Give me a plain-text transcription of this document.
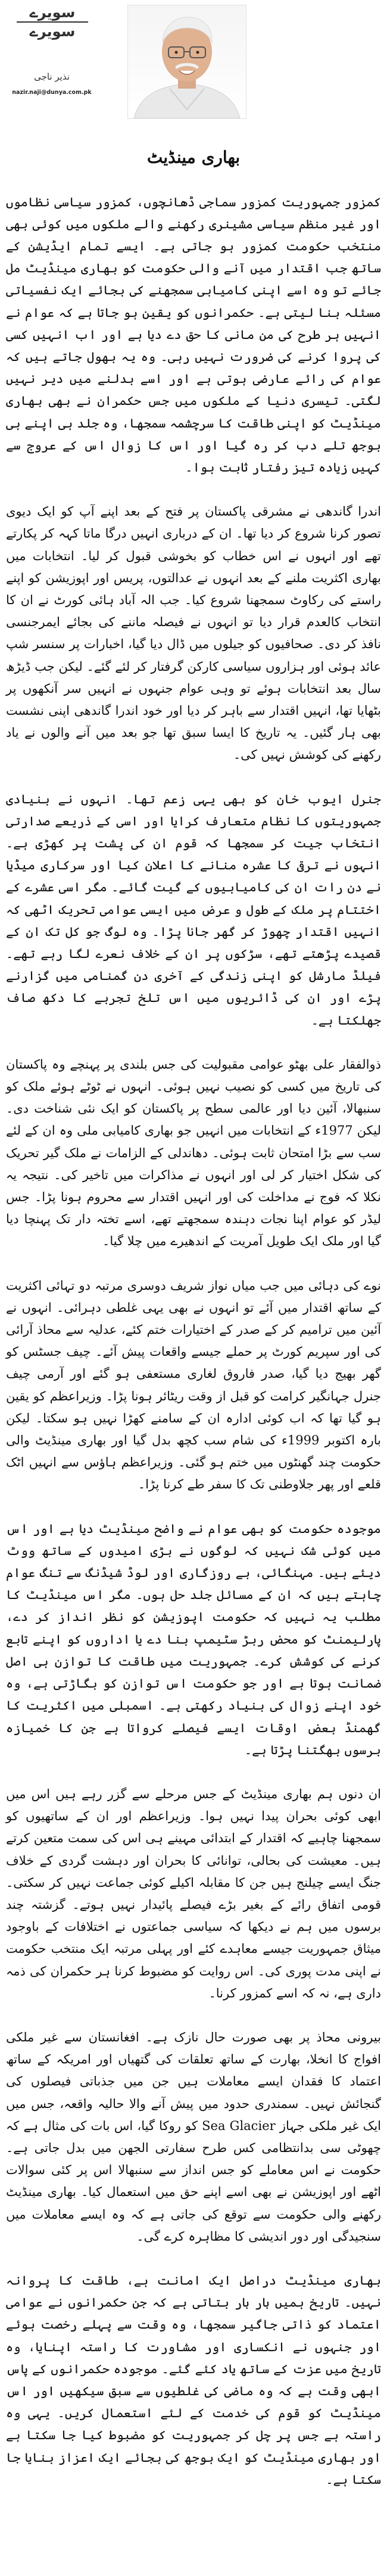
سویرے
سویرے
نذیر ناجی
nazir.naji@dunya.com.pk
بھاری مینڈیٹ

کمزور جمہوریت کمزور سماجی ڈھانچوں، کمزور سیاسی نظاموں اور غیر منظم سیاسی مشینری رکھنے والے ملکوں میں کوئی بھی منتخب حکومت کمزور ہو جاتی ہے۔ ایسے تمام ایڈیشن کے ساتھ جب اقتدار میں آنے والی حکومت کو بھاری مینڈیٹ مل جائے تو وہ اسے اپنی کامیابی سمجھنے کی بجائے ایک نفسیاتی مسئلہ بنا لیتی ہے۔ حکمرانوں کو یقین ہو جاتا ہے کہ عوام نے انہیں ہر طرح کی من مانی کا حق دے دیا ہے اور اب انہیں کسی کی پروا کرنے کی ضرورت نہیں رہی۔ وہ یہ بھول جاتے ہیں کہ عوام کی رائے عارضی ہوتی ہے اور اسے بدلنے میں دیر نہیں لگتی۔ تیسری دنیا کے ملکوں میں جس حکمران نے بھی بھاری مینڈیٹ کو اپنی طاقت کا سرچشمہ سمجھا، وہ جلد ہی اپنے ہی بوجھ تلے دب کر رہ گیا اور اس کا زوال اس کے عروج سے کہیں زیادہ تیز رفتار ثابت ہوا۔

اندرا گاندھی نے مشرقی پاکستان پر فتح کے بعد اپنے آپ کو ایک دیوی تصور کرنا شروع کر دیا تھا۔ ان کے درباری انہیں درگا ماتا کہہ کر پکارتے تھے اور انہوں نے اس خطاب کو بخوشی قبول کر لیا۔ انتخابات میں بھاری اکثریت ملنے کے بعد انہوں نے عدالتوں، پریس اور اپوزیشن کو اپنے راستے کی رکاوٹ سمجھنا شروع کیا۔ جب الہ آباد ہائی کورٹ نے ان کا انتخاب کالعدم قرار دیا تو انہوں نے فیصلہ ماننے کی بجائے ایمرجنسی نافذ کر دی۔ صحافیوں کو جیلوں میں ڈال دیا گیا، اخبارات پر سنسر شپ عائد ہوئی اور ہزاروں سیاسی کارکن گرفتار کر لئے گئے۔ لیکن جب ڈیڑھ سال بعد انتخابات ہوئے تو وہی عوام جنہوں نے انہیں سر آنکھوں پر بٹھایا تھا، انہیں اقتدار سے باہر کر دیا اور خود اندرا گاندھی اپنی نشست بھی ہار گئیں۔ یہ تاریخ کا ایسا سبق تھا جو بعد میں آنے والوں نے یاد رکھنے کی کوشش نہیں کی۔

جنرل ایوب خان کو بھی یہی زعم تھا۔ انہوں نے بنیادی جمہوریتوں کا نظام متعارف کرایا اور اسی کے ذریعے صدارتی انتخاب جیت کر سمجھا کہ قوم ان کی پشت پر کھڑی ہے۔ انہوں نے ترقی کا عشرہ منانے کا اعلان کیا اور سرکاری میڈیا نے دن رات ان کی کامیابیوں کے گیت گائے۔ مگر اسی عشرے کے اختتام پر ملک کے طول و عرض میں ایسی عوامی تحریک اٹھی کہ انہیں اقتدار چھوڑ کر گھر جانا پڑا۔ وہ لوگ جو کل تک ان کے قصیدے پڑھتے تھے، سڑکوں پر ان کے خلاف نعرے لگا رہے تھے۔ فیلڈ مارشل کو اپنی زندگی کے آخری دن گمنامی میں گزارنے پڑے اور ان کی ڈائریوں میں اس تلخ تجربے کا دکھ صاف جھلکتا ہے۔

ذوالفقار علی بھٹو عوامی مقبولیت کی جس بلندی پر پہنچے وہ پاکستان کی تاریخ میں کسی کو نصیب نہیں ہوئی۔ انہوں نے ٹوٹے ہوئے ملک کو سنبھالا، آئین دیا اور عالمی سطح پر پاکستان کو ایک نئی شناخت دی۔ لیکن 1977ء کے انتخابات میں انہیں جو بھاری کامیابی ملی وہ ان کے لئے سب سے بڑا امتحان ثابت ہوئی۔ دھاندلی کے الزامات نے ملک گیر تحریک کی شکل اختیار کر لی اور انہوں نے مذاکرات میں تاخیر کی۔ نتیجہ یہ نکلا کہ فوج نے مداخلت کی اور انہیں اقتدار سے محروم ہونا پڑا۔ جس لیڈر کو عوام اپنا نجات دہندہ سمجھتے تھے، اسے تختہ دار تک پہنچا دیا گیا اور ملک ایک طویل آمریت کے اندھیرے میں چلا گیا۔

نوے کی دہائی میں جب میاں نواز شریف دوسری مرتبہ دو تہائی اکثریت کے ساتھ اقتدار میں آئے تو انہوں نے بھی یہی غلطی دہرائی۔ انہوں نے آئین میں ترامیم کر کے صدر کے اختیارات ختم کئے، عدلیہ سے محاذ آرائی کی اور سپریم کورٹ پر حملے جیسے واقعات پیش آئے۔ چیف جسٹس کو گھر بھیج دیا گیا، صدر فاروق لغاری مستعفی ہو گئے اور آرمی چیف جنرل جہانگیر کرامت کو قبل از وقت ریٹائر ہونا پڑا۔ وزیراعظم کو یقین ہو گیا تھا کہ اب کوئی ادارہ ان کے سامنے کھڑا نہیں ہو سکتا۔ لیکن بارہ اکتوبر 1999ء کی شام سب کچھ بدل گیا اور بھاری مینڈیٹ والی حکومت چند گھنٹوں میں ختم ہو گئی۔ وزیراعظم ہاؤس سے انہیں اٹک قلعے اور پھر جلاوطنی تک کا سفر طے کرنا پڑا۔

موجودہ حکومت کو بھی عوام نے واضح مینڈیٹ دیا ہے اور اس میں کوئی شک نہیں کہ لوگوں نے بڑی امیدوں کے ساتھ ووٹ دیئے ہیں۔ مہنگائی، بے روزگاری اور لوڈ شیڈنگ سے تنگ عوام چاہتے ہیں کہ ان کے مسائل جلد حل ہوں۔ مگر اس مینڈیٹ کا مطلب یہ نہیں کہ حکومت اپوزیشن کو نظر انداز کر دے، پارلیمنٹ کو محض ربڑ سٹیمپ بنا دے یا اداروں کو اپنے تابع کرنے کی کوشش کرے۔ جمہوریت میں طاقت کا توازن ہی اصل ضمانت ہوتا ہے اور جو حکومت اس توازن کو بگاڑتی ہے، وہ خود اپنے زوال کی بنیاد رکھتی ہے۔ اسمبلی میں اکثریت کا گھمنڈ بعض اوقات ایسے فیصلے کرواتا ہے جن کا خمیازہ برسوں بھگتنا پڑتا ہے۔

ان دنوں ہم بھاری مینڈیٹ کے جس مرحلے سے گزر رہے ہیں اس میں ابھی کوئی بحران پیدا نہیں ہوا۔ وزیراعظم اور ان کے ساتھیوں کو سمجھنا چاہیے کہ اقتدار کے ابتدائی مہینے ہی اس کی سمت متعین کرتے ہیں۔ معیشت کی بحالی، توانائی کا بحران اور دہشت گردی کے خلاف جنگ ایسے چیلنج ہیں جن کا مقابلہ اکیلے کوئی جماعت نہیں کر سکتی۔ قومی اتفاق رائے کے بغیر بڑے فیصلے پائیدار نہیں ہوتے۔ گزشتہ چند برسوں میں ہم نے دیکھا کہ سیاسی جماعتوں نے اختلافات کے باوجود میثاق جمہوریت جیسے معاہدے کئے اور پہلی مرتبہ ایک منتخب حکومت نے اپنی مدت پوری کی۔ اس روایت کو مضبوط کرنا ہر حکمران کی ذمہ داری ہے، نہ کہ اسے کمزور کرنا۔

بیرونی محاذ پر بھی صورت حال نازک ہے۔ افغانستان سے غیر ملکی افواج کا انخلا، بھارت کے ساتھ تعلقات کی گتھیاں اور امریکہ کے ساتھ اعتماد کا فقدان ایسے معاملات ہیں جن میں جذباتی فیصلوں کی گنجائش نہیں۔ سمندری حدود میں پیش آنے والا حالیہ واقعہ، جس میں ایک غیر ملکی جہاز Sea Glacier کو روکا گیا، اس بات کی مثال ہے کہ چھوٹی سی بدانتظامی کس طرح سفارتی الجھن میں بدل جاتی ہے۔ حکومت نے اس معاملے کو جس انداز سے سنبھالا اس پر کئی سوالات اٹھے اور اپوزیشن نے بھی اسے اپنے حق میں استعمال کیا۔ بھاری مینڈیٹ رکھنے والی حکومت سے توقع کی جاتی ہے کہ وہ ایسے معاملات میں سنجیدگی اور دور اندیشی کا مظاہرہ کرے گی۔

بھاری مینڈیٹ دراصل ایک امانت ہے، طاقت کا پروانہ نہیں۔ تاریخ ہمیں بار بار بتاتی ہے کہ جن حکمرانوں نے عوامی اعتماد کو ذاتی جاگیر سمجھا، وہ وقت سے پہلے رخصت ہوئے اور جنہوں نے انکساری اور مشاورت کا راستہ اپنایا، وہ تاریخ میں عزت کے ساتھ یاد کئے گئے۔ موجودہ حکمرانوں کے پاس ابھی وقت ہے کہ وہ ماضی کی غلطیوں سے سبق سیکھیں اور اس مینڈیٹ کو قوم کی خدمت کے لئے استعمال کریں۔ یہی وہ راستہ ہے جس پر چل کر جمہوریت کو مضبوط کیا جا سکتا ہے اور بھاری مینڈیٹ کو ایک بوجھ کی بجائے ایک اعزاز بنایا جا سکتا ہے۔
